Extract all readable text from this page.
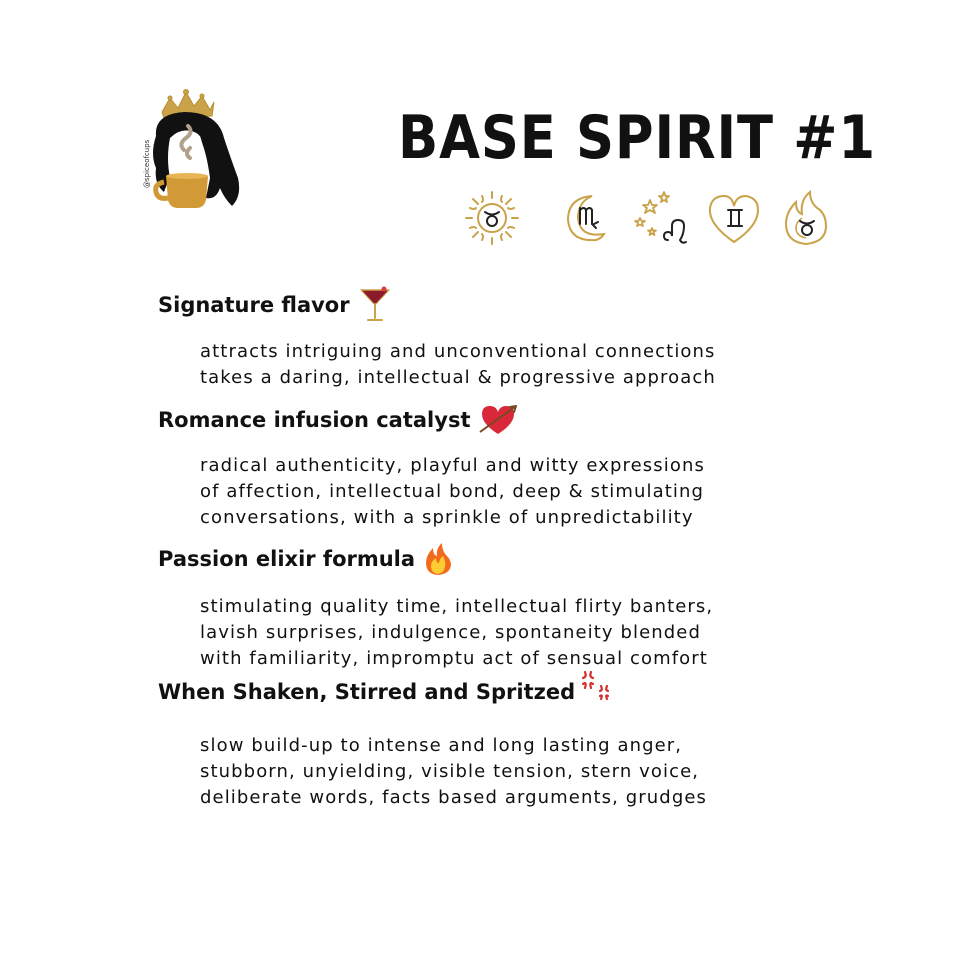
@spiceofcups	BASE SPIRIT #1
Signature flavor
attracts intriguing and unconventional connections
takes a daring, intellectual & progressive approach
Romance infusion catalyst
radical authenticity, playful and witty expressions
of affection, intellectual bond, deep & stimulating
conversations, with a sprinkle of unpredictability
Passion elixir formula
stimulating quality time, intellectual flirty banters,
lavish surprises, indulgence, spontaneity blended
with familiarity, impromptu act of sensual comfort
When Shaken, Stirred and Spritzed
slow build-up to intense and long lasting anger,
stubborn, unyielding, visible tension, stern voice,
deliberate words, facts based arguments, grudges
